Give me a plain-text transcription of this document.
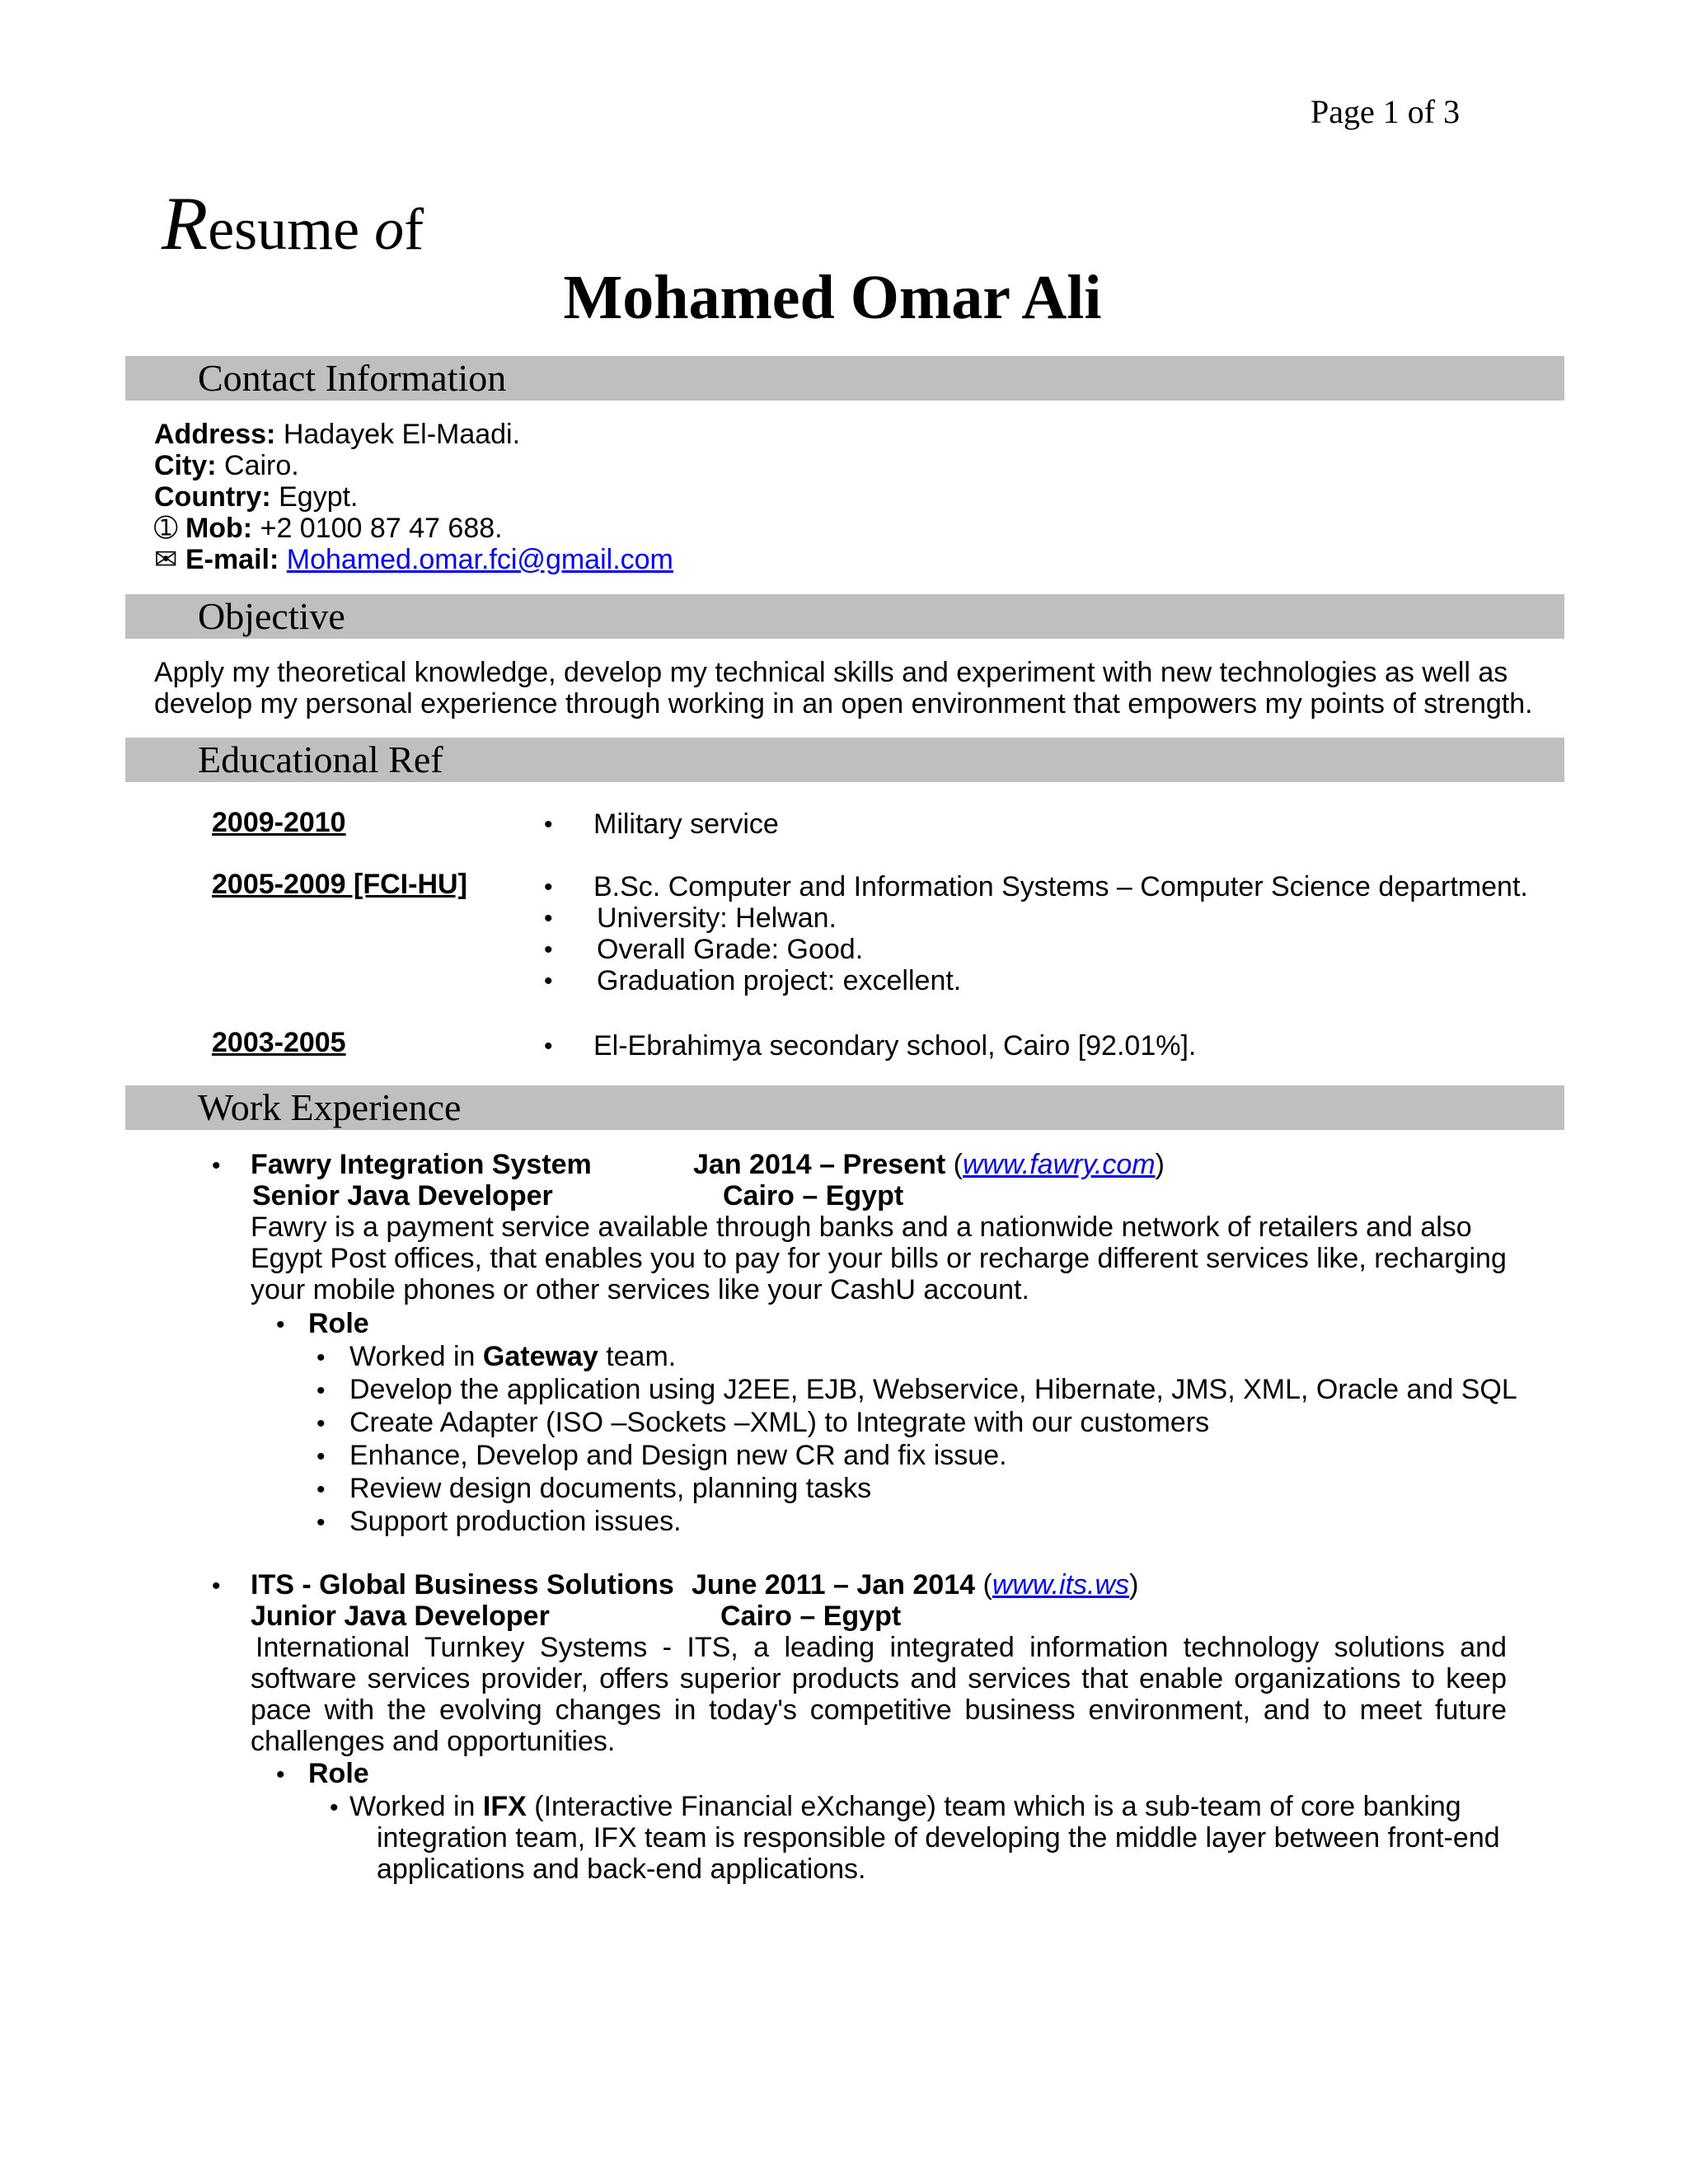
Page 1 of 3
Resume of
Mohamed Omar Ali
Contact Information
Address: Hadayek El-Maadi.
City: Cairo.
Country: Egypt.
➀ Mob: +2 0100 87 47 688.
✉ E-mail: Mohamed.omar.fci@gmail.com
Objective
Apply my theoretical knowledge, develop my technical skills and experiment with new technologies as well as
develop my personal experience through working in an open environment that empowers my points of strength.
Educational Ref
2009-2010	• Military service
2005-2009 [FCI-HU]	• B.Sc. Computer and Information Systems – Computer Science department.
• University: Helwan.
• Overall Grade: Good.
• Graduation project: excellent.
2003-2005	• El-Ebrahimya secondary school, Cairo [92.01%].
Work Experience
• Fawry Integration System	Jan 2014 – Present (www.fawry.com)
Senior Java Developer	Cairo – Egypt
Fawry is a payment service available through banks and a nationwide network of retailers and also
Egypt Post offices, that enables you to pay for your bills or recharge different services like, recharging
your mobile phones or other services like your CashU account.
• Role
• Worked in Gateway team.
• Develop the application using J2EE, EJB, Webservice, Hibernate, JMS, XML, Oracle and SQL
• Create Adapter (ISO –Sockets –XML) to Integrate with our customers
• Enhance, Develop and Design new CR and fix issue.
• Review design documents, planning tasks
• Support production issues.
• ITS - Global Business Solutions June 2011 – Jan 2014 (www.its.ws)
Junior Java Developer	Cairo – Egypt
International Turnkey Systems - ITS, a leading integrated information technology solutions and software services provider, offers superior products and services that enable organizations to keep pace with the evolving changes in today's competitive business environment, and to meet future challenges and opportunities.
• Role
• Worked in IFX (Interactive Financial eXchange) team which is a sub-team of core banking
integration team, IFX team is responsible of developing the middle layer between front-end
applications and back-end applications.
